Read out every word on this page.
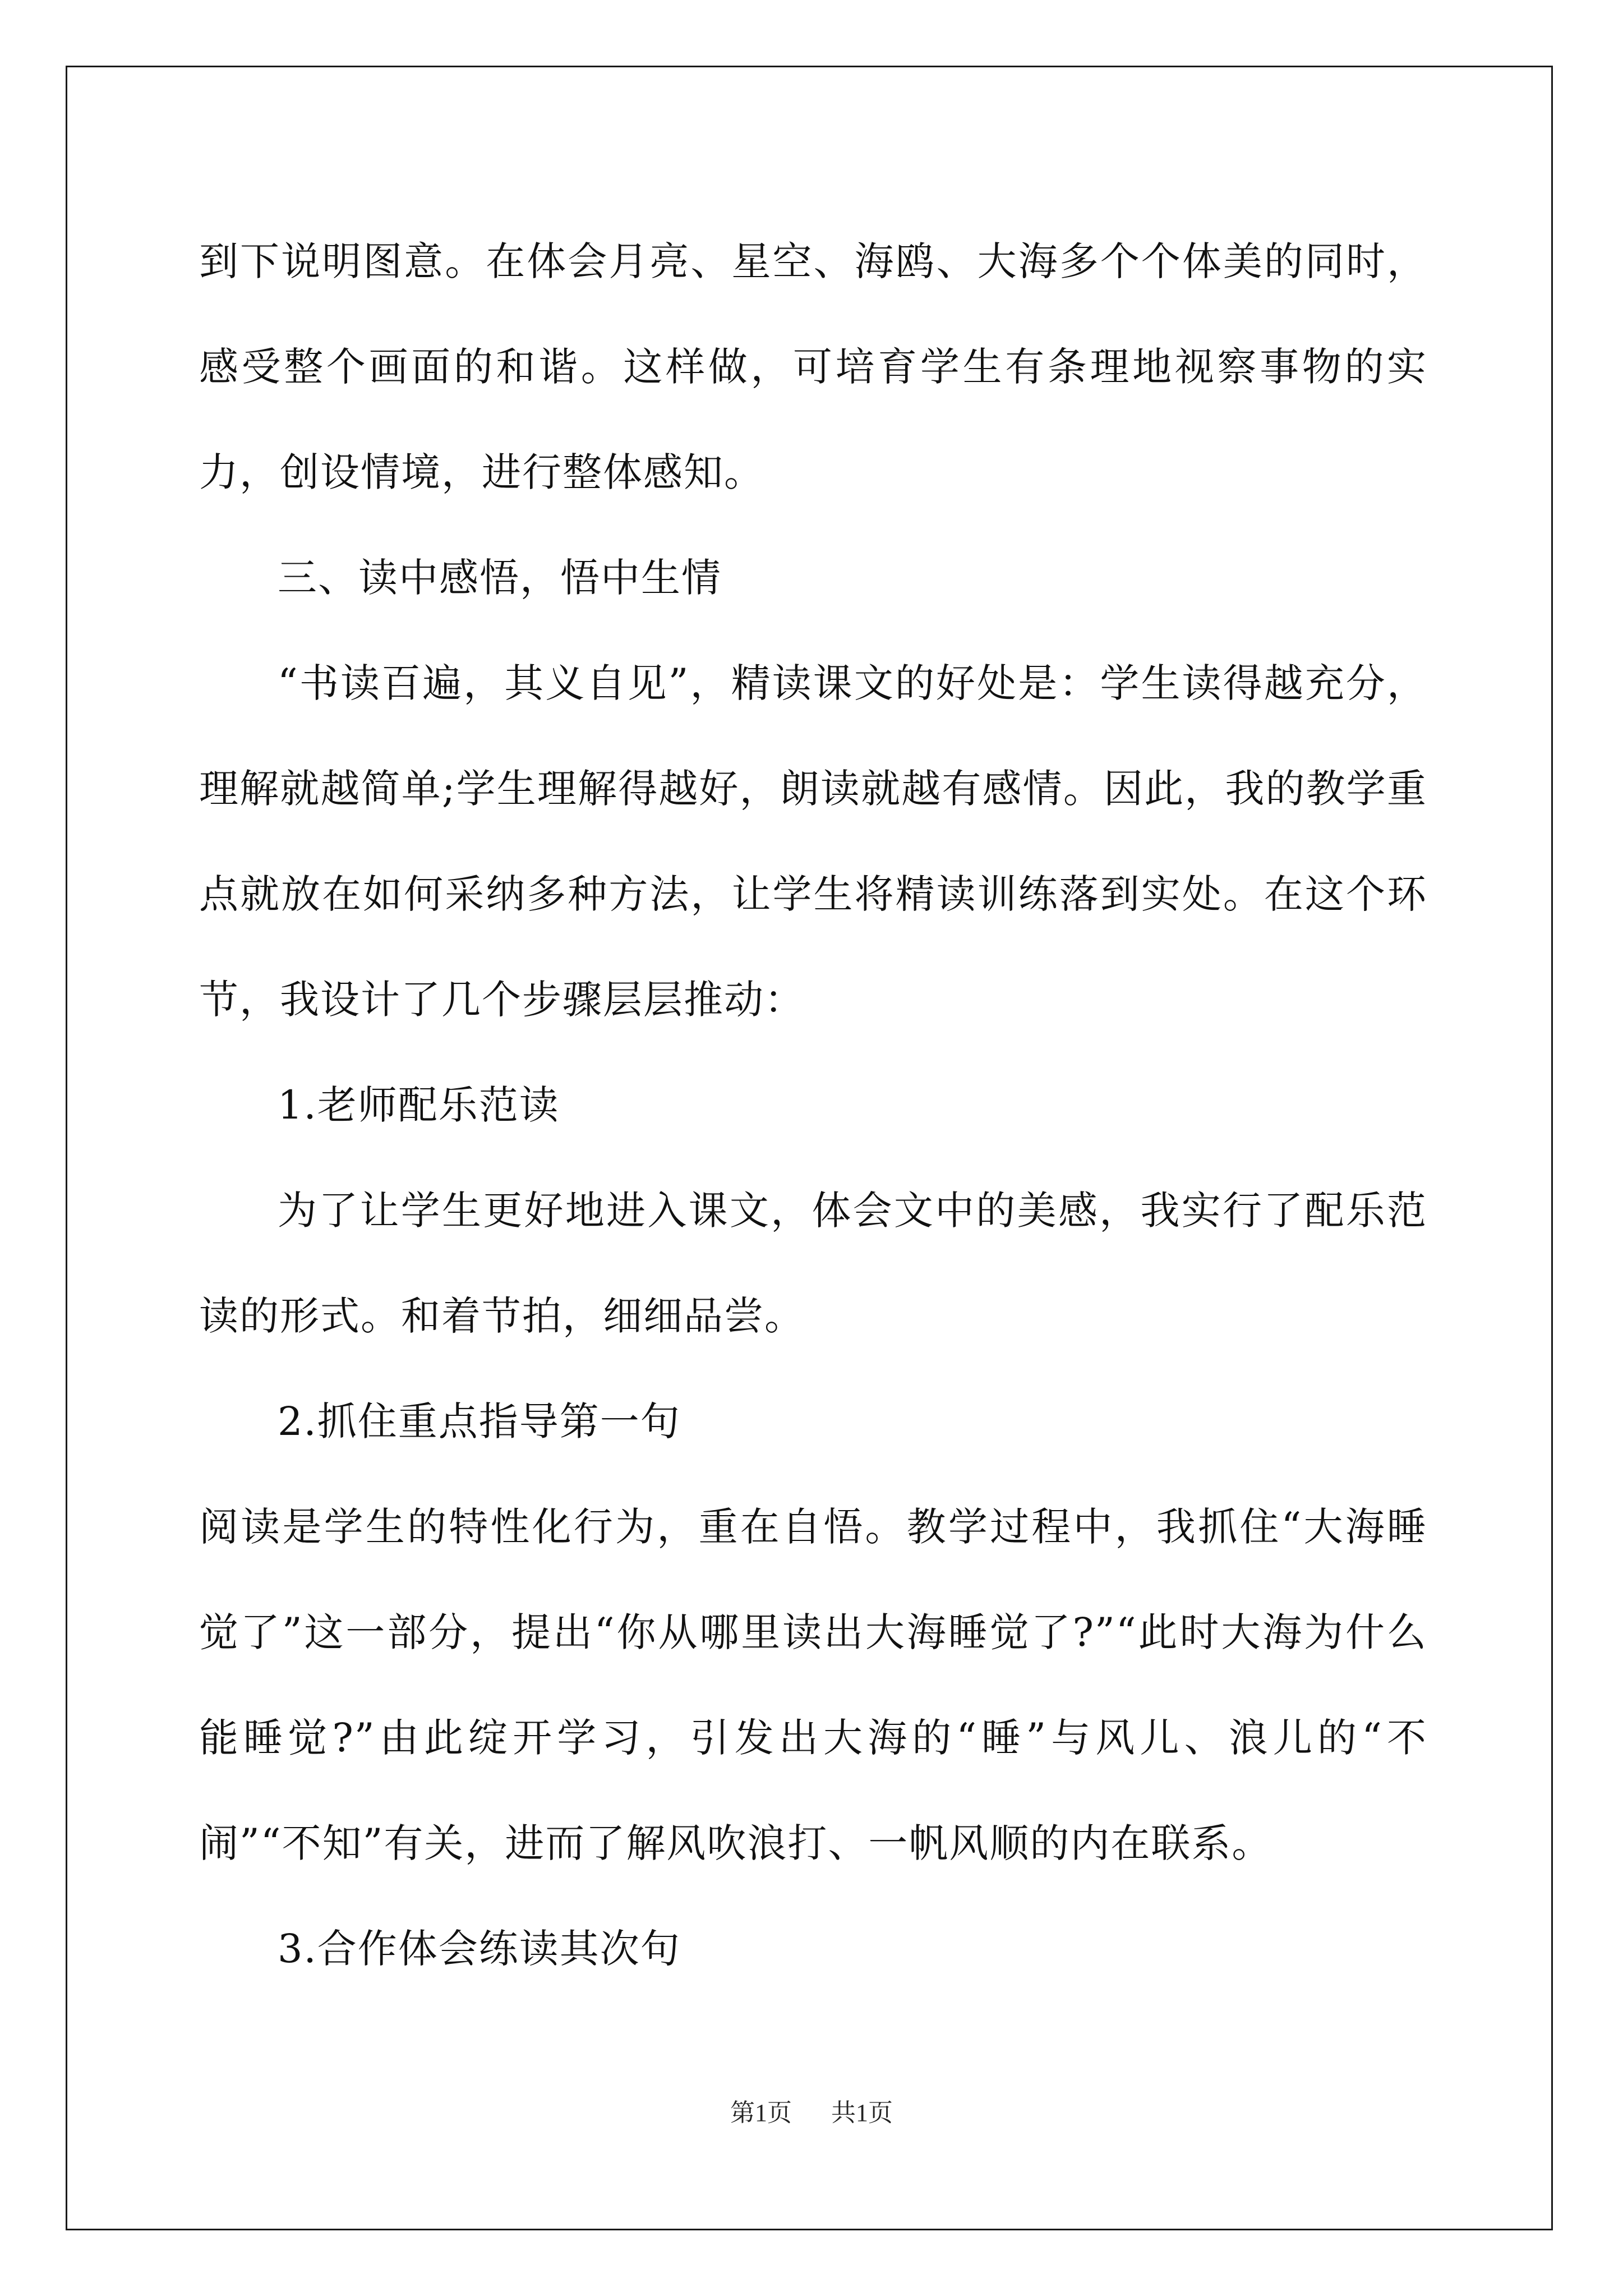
到下说明图意。在体会月亮、星空、海鸥、大海多个个体美的同时，感受整个画面的和谐。这样做，可培育学生有条理地视察事物的实力，创设情境，进行整体感知。

三、读中感悟，悟中生情

“书读百遍，其义自见”，精读课文的好处是：学生读得越充分，理解就越简单;学生理解得越好，朗读就越有感情。因此，我的教学重点就放在如何采纳多种方法，让学生将精读训练落到实处。在这个环节，我设计了几个步骤层层推动：

1.老师配乐范读

为了让学生更好地进入课文，体会文中的美感，我实行了配乐范读的形式。和着节拍，细细品尝。

2.抓住重点指导第一句

阅读是学生的特性化行为，重在自悟。教学过程中，我抓住“大海睡觉了”这一部分，提出“你从哪里读出大海睡觉了?”“此时大海为什么能睡觉?”由此绽开学习，引发出大海的“睡”与风儿、浪儿的“不闹”“不知”有关，进而了解风吹浪打、一帆风顺的内在联系。

3.合作体会练读其次句

第1页 共1页
